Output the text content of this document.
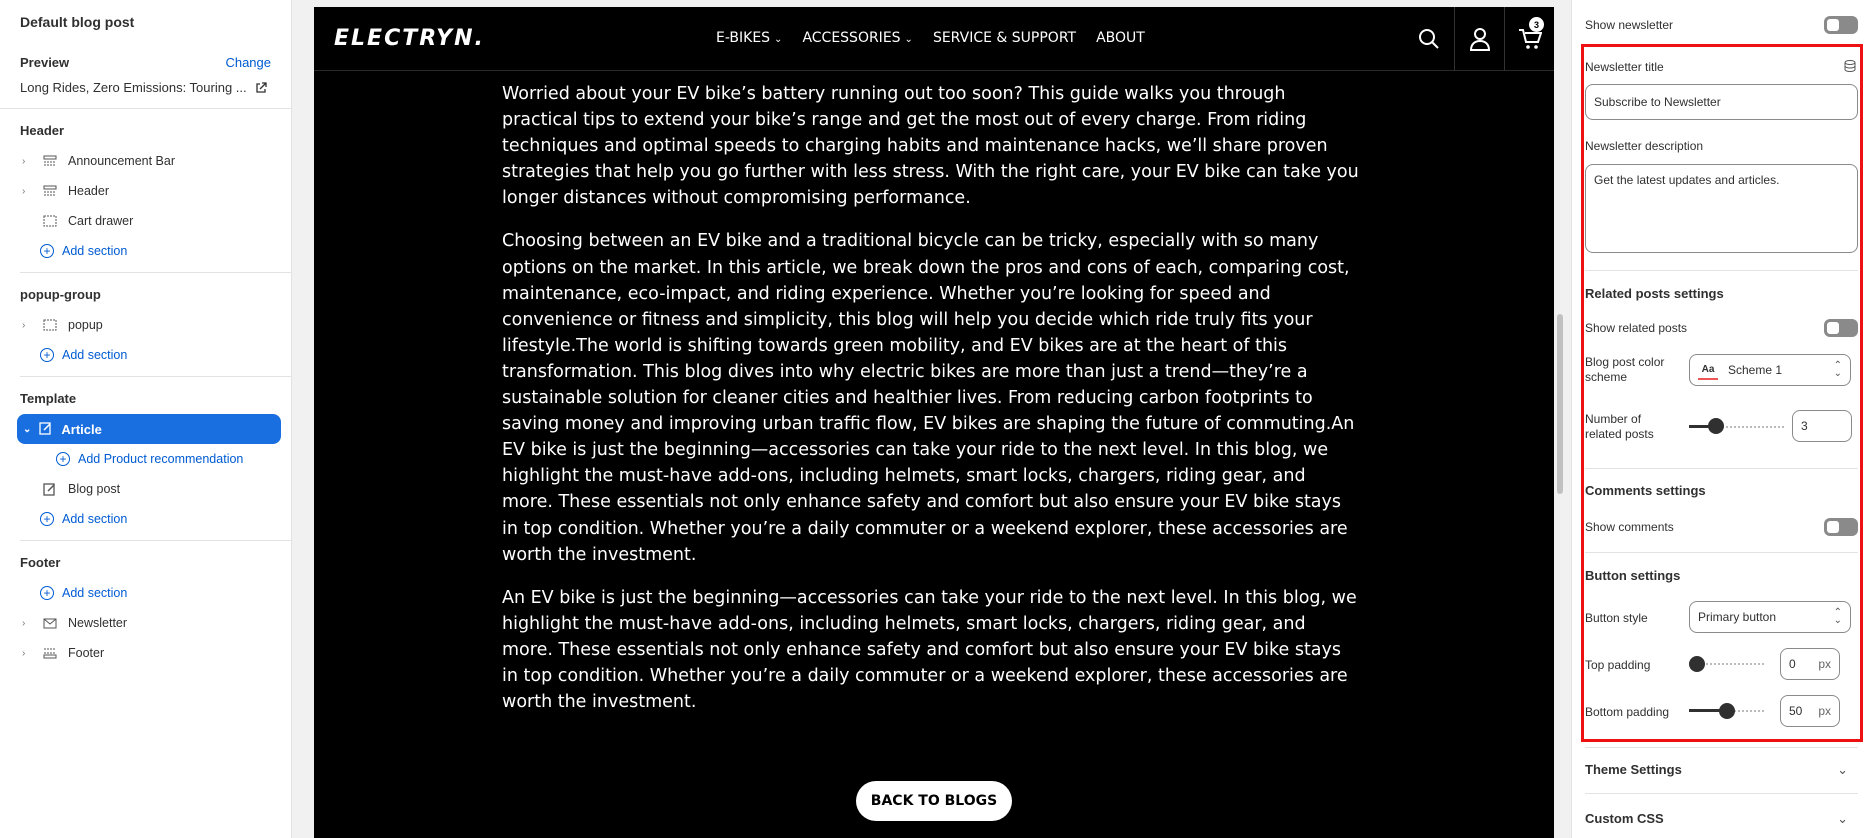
Default blog post
Preview	Change
Long Rides, Zero Emissions: Touring ...
Header
›	Announcement Bar
›	Header
Cart drawer
+ Add section
popup-group
›	popup
+ Add section
Template
⌄ Article
+ Add Product recommendation
Blog post
+ Add section
Footer
+ Add section
›	Newsletter
›	Footer
ELECTRYN.	E-BIKES ⌄ ACCESSORIES ⌄ SERVICE & SUPPORT ABOUT
3

Worried about your EV bike’s battery running out too soon? This guide walks you through practical tips to extend your bike’s range and get the most out of every charge. From riding techniques and optimal speeds to charging habits and maintenance hacks, we’ll share proven strategies that help you go further with less stress. With the right care, your EV bike can take you longer distances without compromising performance.

Choosing between an EV bike and a traditional bicycle can be tricky, especially with so many options on the market. In this article, we break down the pros and cons of each, comparing cost, maintenance, eco-impact, and riding experience. Whether you’re looking for speed and convenience or fitness and simplicity, this blog will help you decide which ride truly fits your lifestyle.The world is shifting towards green mobility, and EV bikes are at the heart of this transformation. This blog dives into why electric bikes are more than just a trend—they’re a sustainable solution for cleaner cities and healthier lives. From reducing carbon footprints to saving money and improving urban traffic flow, EV bikes are shaping the future of commuting.An EV bike is just the beginning—accessories can take your ride to the next level. In this blog, we highlight the must-have add-ons, including helmets, smart locks, chargers, riding gear, and more. These essentials not only enhance safety and comfort but also ensure your EV bike stays in top condition. Whether you’re a daily commuter or a weekend explorer, these accessories are worth the investment.

An EV bike is just the beginning—accessories can take your ride to the next level. In this blog, we highlight the must-have add-ons, including helmets, smart locks, chargers, riding gear, and more. These essentials not only enhance safety and comfort but also ensure your EV bike stays in top condition. Whether you’re a daily commuter or a weekend explorer, these accessories are worth the investment.

BACK TO BLOGS
Show newsletter
Newsletter title
Subscribe to Newsletter
Newsletter description
Get the latest updates and articles.
Related posts settings
Show related posts
Blog post color scheme
Aa	Scheme 1	⌃
⌄
Number of related posts
3
Comments settings
Show comments
Button settings
Button style	Primary button	⌃
⌄
Top padding	0 px
Bottom padding	50 px
Theme Settings	⌄
Custom CSS	⌄
